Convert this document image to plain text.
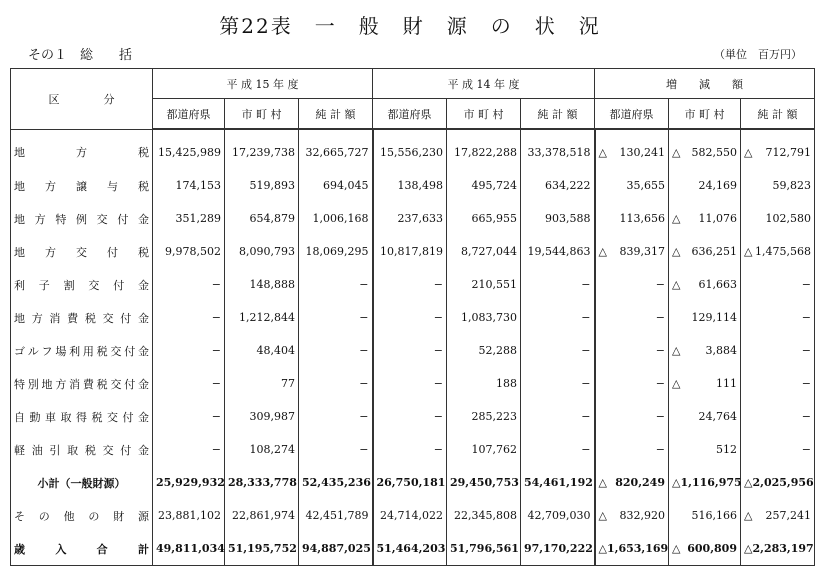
第22表　一　般　財　源　の　状　況
その１　総　　括	（単位　百万円）
区　　　　分	平 成 15 年 度			平 成 14 年 度			増　　減　　額		
	都道府県	市 町 村	純 計 額	都道府県	市 町 村	純 計 額	都道府県	市 町 村	純 計 額
地方税	15,425,989	17,239,738	32,665,727	15,556,230	17,822,288	33,378,518	△ 130,241	△ 582,550	△ 712,791
地方譲与税	174,153	519,893	694,045	138,498	495,724	634,222	35,655	24,169	59,823
地方特例交付金	351,289	654,879	1,006,168	237,633	665,955	903,588	113,656	△ 11,076	102,580
地方交付税	9,978,502	8,090,793	18,069,295	10,817,819	8,727,044	19,544,863	△ 839,317	△ 636,251	△ 1,475,568
利子割交付金	−	148,888	−	−	210,551	−	−	△ 61,663	−
地方消費税交付金	−	1,212,844	−	−	1,083,730	−	−	129,114	−
ゴルフ場利用税交付金	−	48,404	−	−	52,288	−	−	△ 3,884	−
特別地方消費税交付金	−	77	−	−	188	−	−	△ 111	−
自動車取得税交付金	−	309,987	−	−	285,223	−	−	24,764	−
軽油引取税交付金	−	108,274	−	−	107,762	−	−	512	−
小計（一般財源）	25,929,932	28,333,778	52,435,236	26,750,181	29,450,753	54,461,192	△ 820,249	△ 1,116,975	△ 2,025,956
その他の財源	23,881,102	22,861,974	42,451,789	24,714,022	22,345,808	42,709,030	△ 832,920	516,166	△ 257,241
歳入合計	49,811,034	51,195,752	94,887,025	51,464,203	51,796,561	97,170,222	△ 1,653,169	△ 600,809	△ 2,283,197
